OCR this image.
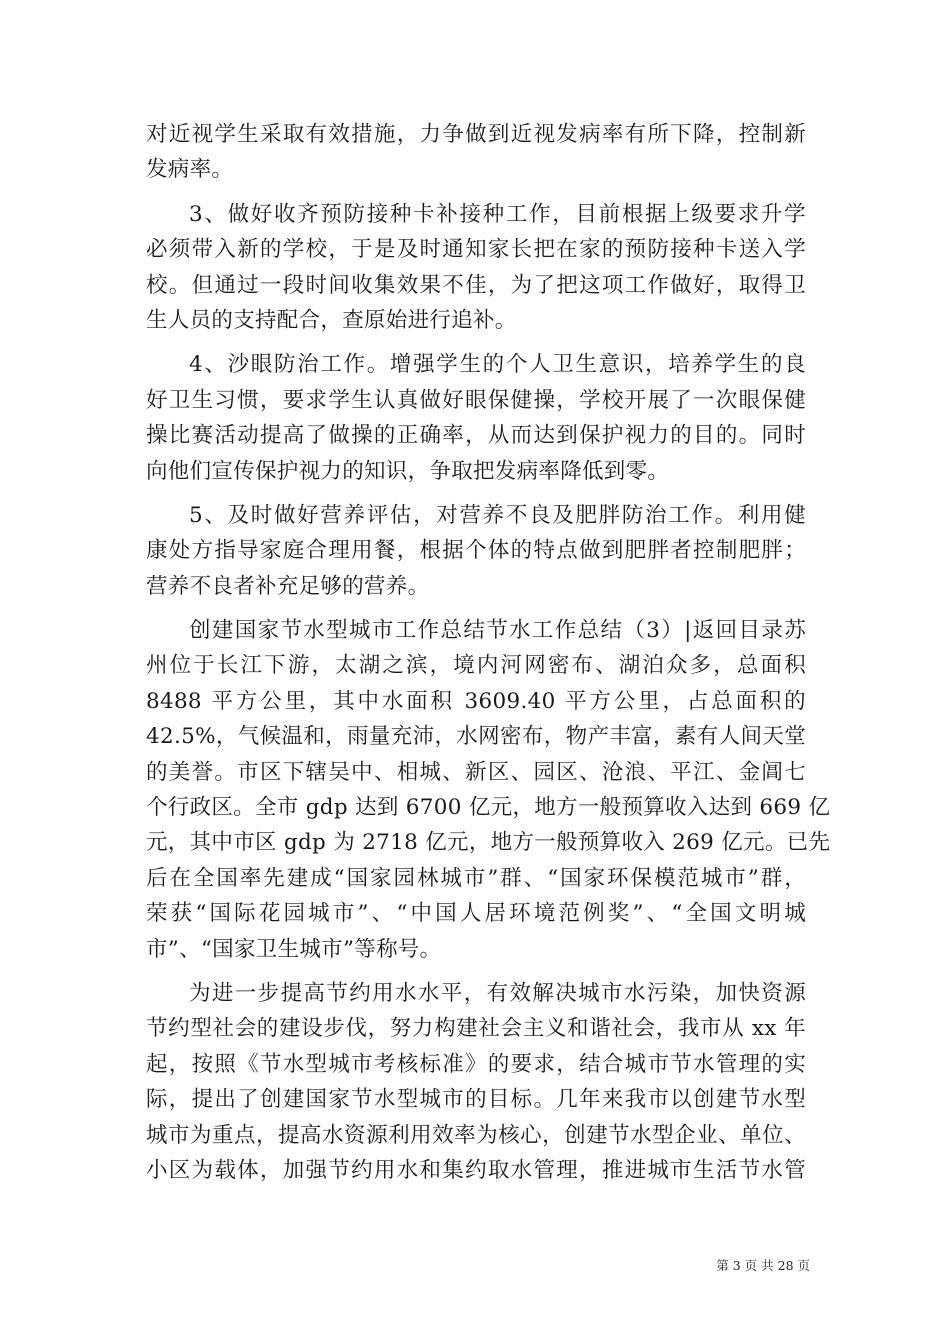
对近视学生采取有效措施，力争做到近视发病率有所下降，控制新
发病率。
3、做好收齐预防接种卡补接种工作，目前根据上级要求升学
必须带入新的学校，于是及时通知家长把在家的预防接种卡送入学
校。但通过一段时间收集效果不佳，为了把这项工作做好，取得卫
生人员的支持配合，查原始进行追补。
4、沙眼防治工作。增强学生的个人卫生意识，培养学生的良
好卫生习惯，要求学生认真做好眼保健操，学校开展了一次眼保健
操比赛活动提高了做操的正确率，从而达到保护视力的目的。同时
向他们宣传保护视力的知识，争取把发病率降低到零。
5、及时做好营养评估，对营养不良及肥胖防治工作。利用健
康处方指导家庭合理用餐，根据个体的特点做到肥胖者控制肥胖；
营养不良者补充足够的营养。
创建国家节水型城市工作总结节水工作总结（3）|返回目录苏
州位于长江下游，太湖之滨，境内河网密布、湖泊众多，总面积
8488 平方公里，其中水面积 3609.40 平方公里，占总面积的
42.5%，气候温和，雨量充沛，水网密布，物产丰富，素有人间天堂
的美誉。市区下辖吴中、相城、新区、园区、沧浪、平江、金阊七
个行政区。全市 gdp 达到 6700 亿元，地方一般预算收入达到 669 亿
元，其中市区 gdp 为 2718 亿元，地方一般预算收入 269 亿元。已先
后在全国率先建成“国家园林城市”群、“国家环保模范城市”群，
荣获“国际花园城市”、“中国人居环境范例奖”、“全国文明城
市”、“国家卫生城市”等称号。
为进一步提高节约用水水平，有效解决城市水污染，加快资源
节约型社会的建设步伐，努力构建社会主义和谐社会，我市从 xx 年
起，按照《节水型城市考核标准》的要求，结合城市节水管理的实
际，提出了创建国家节水型城市的目标。几年来我市以创建节水型
城市为重点，提高水资源利用效率为核心，创建节水型企业、单位、
小区为载体，加强节约用水和集约取水管理，推进城市生活节水管
第 3 页 共 28 页
